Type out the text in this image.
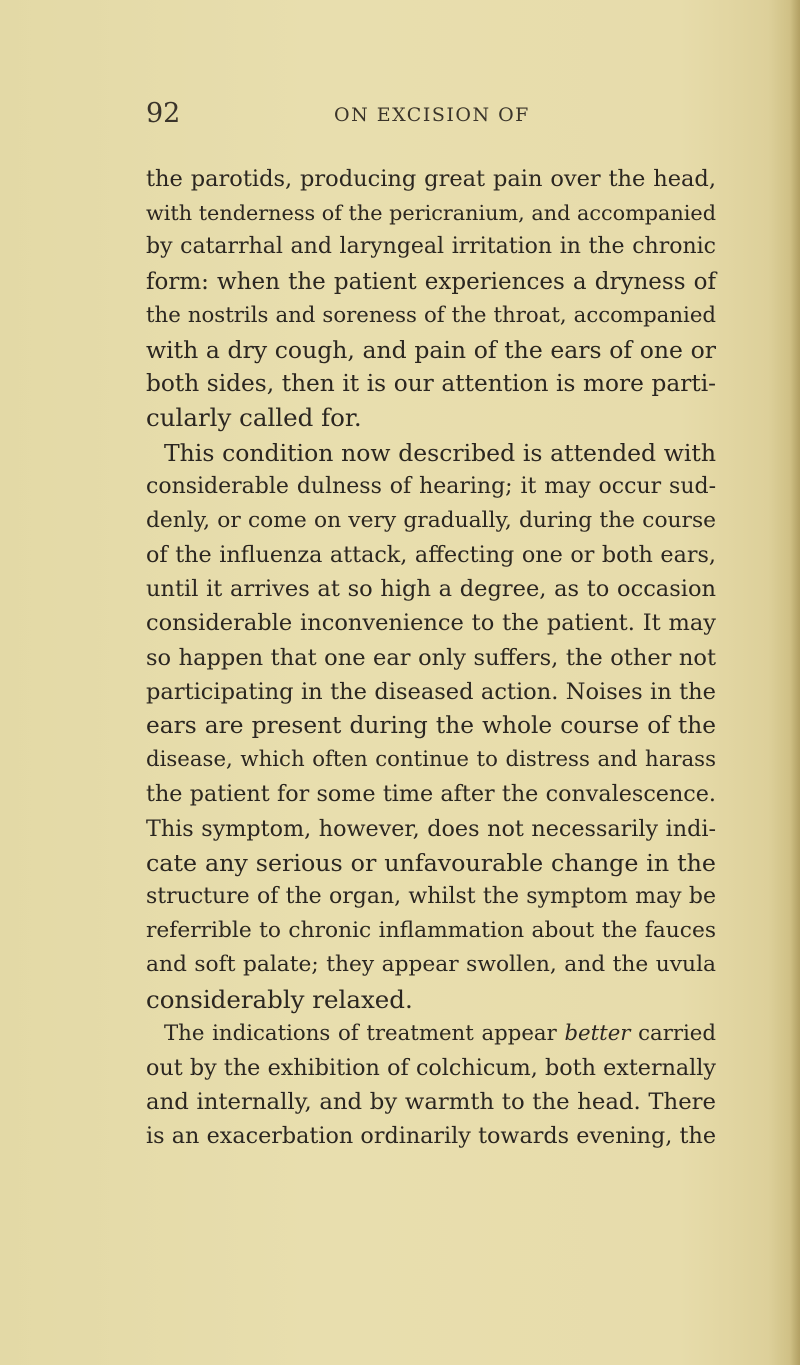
92	ON EXCISION OF
the parotids, producing great pain over the head,
with tenderness of the pericranium, and accompanied
by catarrhal and laryngeal irritation in the chronic
form: when the patient experiences a dryness of
the nostrils and soreness of the throat, accompanied
with a dry cough, and pain of the ears of one or
both sides, then it is our attention is more parti-
cularly called for.
This condition now described is attended with
considerable dulness of hearing; it may occur sud-
denly, or come on very gradually, during the course
of the influenza attack, affecting one or both ears,
until it arrives at so high a degree, as to occasion
considerable inconvenience to the patient. It may
so happen that one ear only suffers, the other not
participating in the diseased action. Noises in the
ears are present during the whole course of the
disease, which often continue to distress and harass
the patient for some time after the convalescence.
This symptom, however, does not necessarily indi-
cate any serious or unfavourable change in the
structure of the organ, whilst the symptom may be
referrible to chronic inflammation about the fauces
and soft palate; they appear swollen, and the uvula
considerably relaxed.
The indications of treatment appear better carried
out by the exhibition of colchicum, both externally
and internally, and by warmth to the head. There
is an exacerbation ordinarily towards evening, the
